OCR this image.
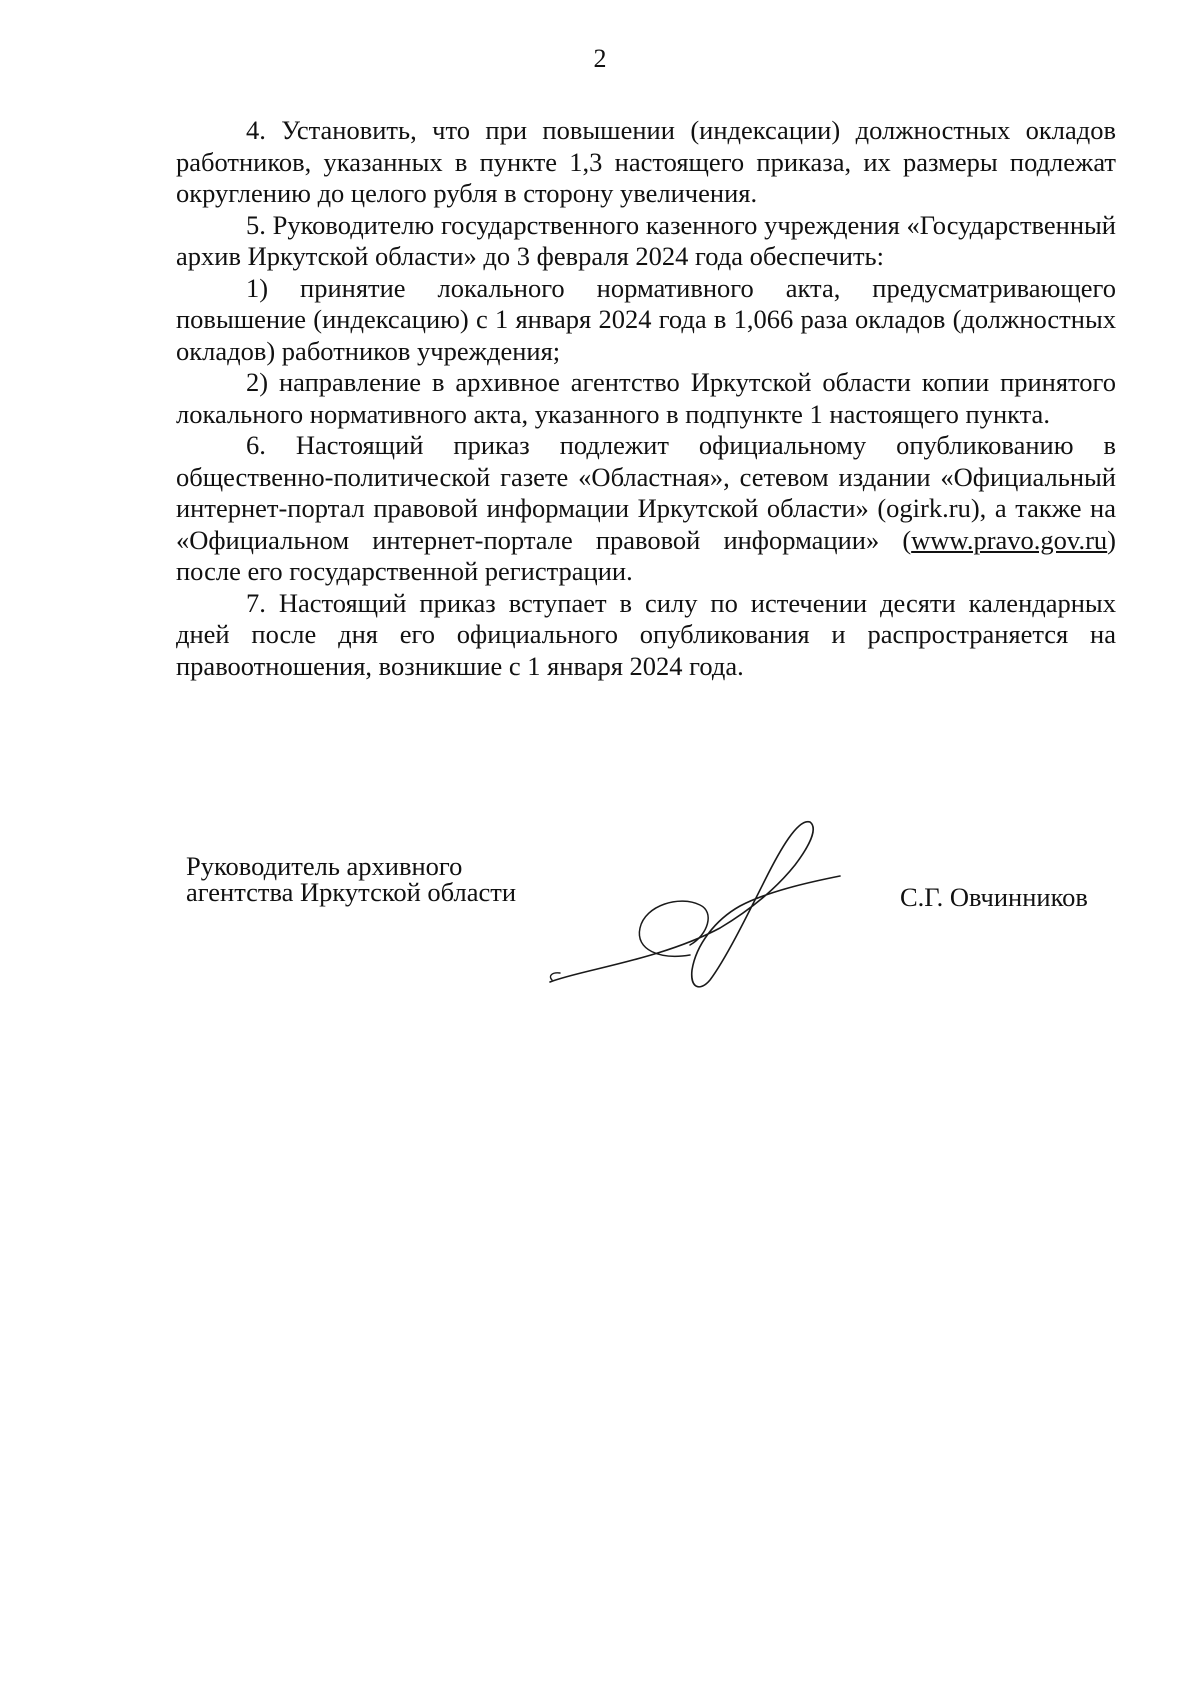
2

4. Установить, что при повышении (индексации) должностных окладов работников, указанных в пункте 1,3 настоящего приказа, их размеры подлежат округлению до целого рубля в сторону увеличения.

5. Руководителю государственного казенного учреждения «Государственный архив Иркутской области» до 3 февраля 2024 года обеспечить:

1) принятие локального нормативного акта, предусматривающего повышение (индексацию) с 1 января 2024 года в 1,066 раза окладов (должностных окладов) работников учреждения;

2) направление в архивное агентство Иркутской области копии принятого локального нормативного акта, указанного в подпункте 1 настоящего пункта.

6. Настоящий приказ подлежит официальному опубликованию в общественно-политической газете «Областная», сетевом издании «Официальный интернет-портал правовой информации Иркутской области» (ogirk.ru), а также на «Официальном интернет-портале правовой информации» (www.pravo.gov.ru) после его государственной регистрации.

7. Настоящий приказ вступает в силу по истечении десяти календарных дней после дня его официального опубликования и распространяется на правоотношения, возникшие с 1 января 2024 года.

Руководитель архивного
агентства Иркутской области	С.Г. Овчинников
